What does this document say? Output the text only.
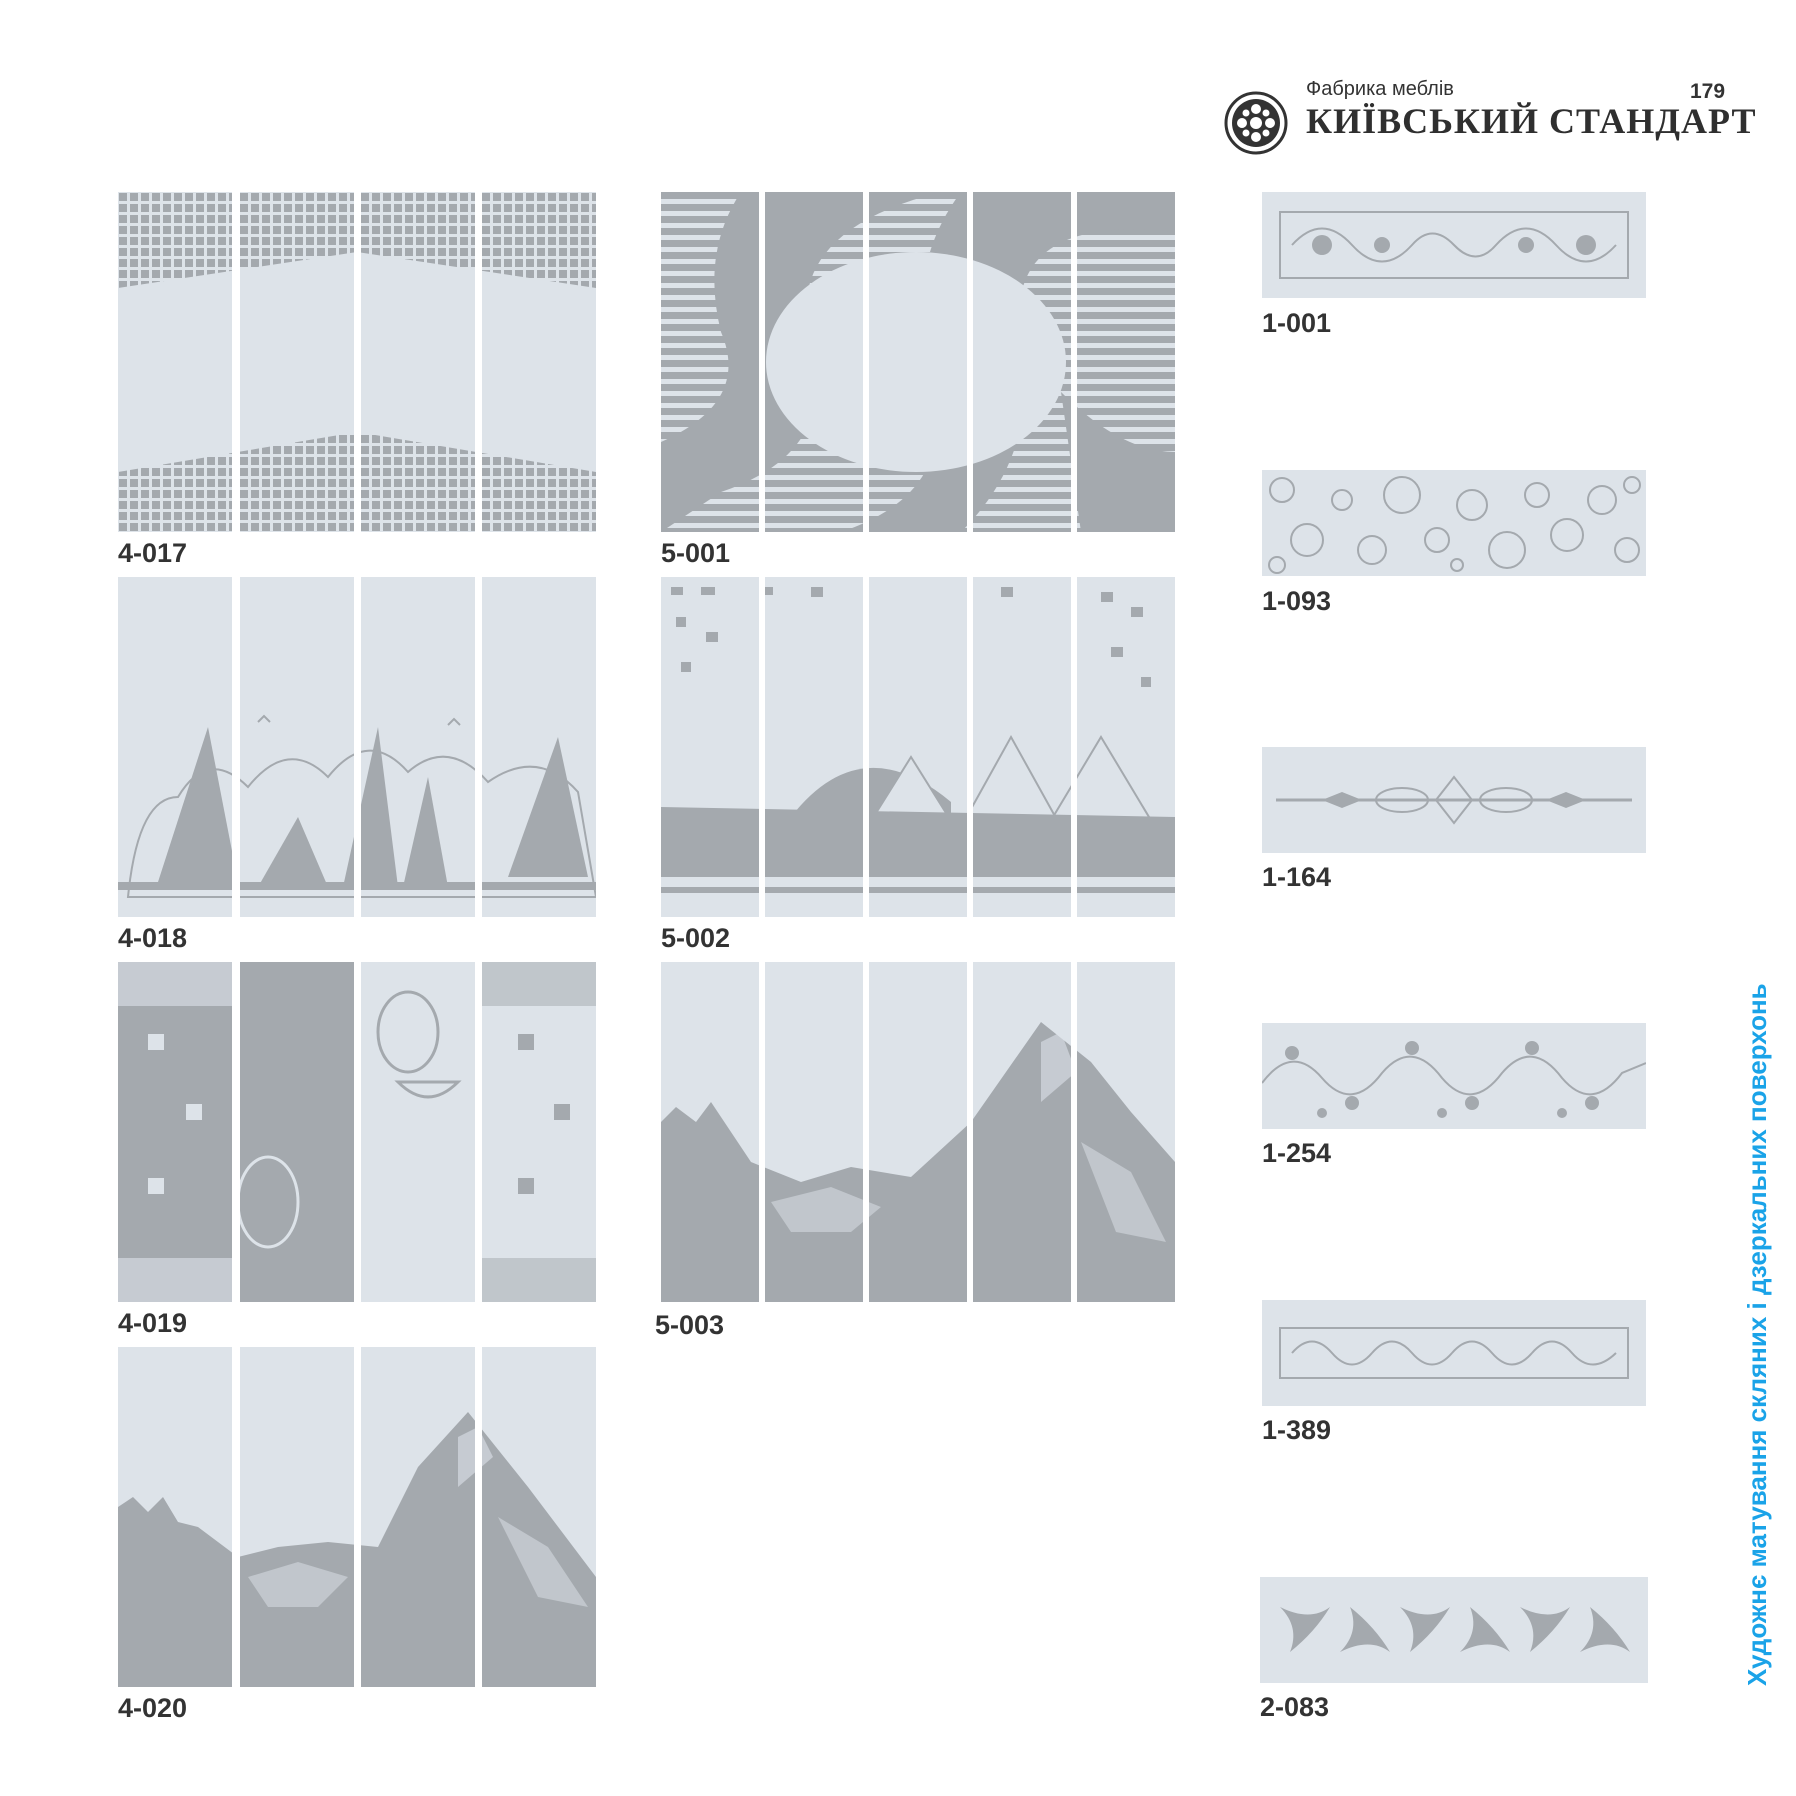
Фабрика меблів
КИЇВСЬКИЙ СТАНДАРТ
179
Художнє матування скляних і дзеркальних поверхонь
4-017
4-018
4-019
4-020
5-001
5-002
5-003
1-001
1-093
1-164
1-254
1-389
2-083
